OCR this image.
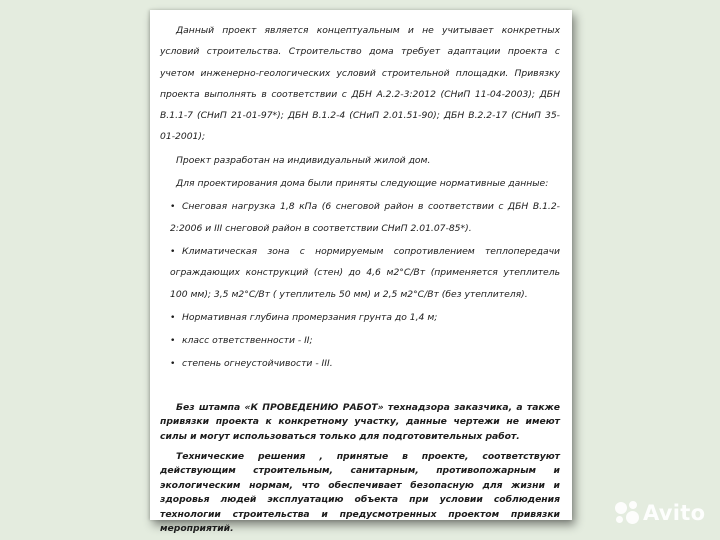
Данный проект является концептуальным и не учитывает конкретных условий строительства. Строительство дома требует адаптации проекта с учетом инженерно-геологических условий строительной площадки. Привязку проекта выполнять в соответствии с ДБН А.2.2-3:2012 (СНиП 11-04-2003); ДБН В.1.1-7 (СНиП 21-01-97*); ДБН В.1.2-4 (СНиП 2.01.51-90); ДБН В.2.2-17 (СНиП 35-01-2001);

Проект разработан на индивидуальный жилой дом.

Для проектирования дома были приняты следующие нормативные данные:

• Снеговая нагрузка 1,8 кПа (6 снеговой район в соответствии с ДБН В.1.2-2:2006 и III снеговой район в соответствии СНиП 2.01.07-85*).

• Климатическая зона с нормируемым сопротивлением теплопередачи ограждающих конструкций (стен) до 4,6 м2°С/Вт (применяется утеплитель 100 мм); 3,5 м2°С/Вт ( утеплитель 50 мм) и 2,5 м2°С/Вт (без утеплителя).

• Нормативная глубина промерзания грунта до 1,4 м;

• класс ответственности - II;

• степень огнеустойчивости - III.

Без штампа «К ПРОВЕДЕНИЮ РАБОТ» технадзора заказчика, а также привязки проекта к конкретному участку, данные чертежи не имеют силы и могут использоваться только для подготовительных работ.

Технические решения , принятые в проекте, соответствуют действующим строительным, санитарным, противопожарным и экологическим нормам, что обеспечивает безопасную для жизни и здоровья людей эксплуатацию объекта при условии соблюдения технологии строительства и предусмотренных проектом привязки мероприятий.

Avito
